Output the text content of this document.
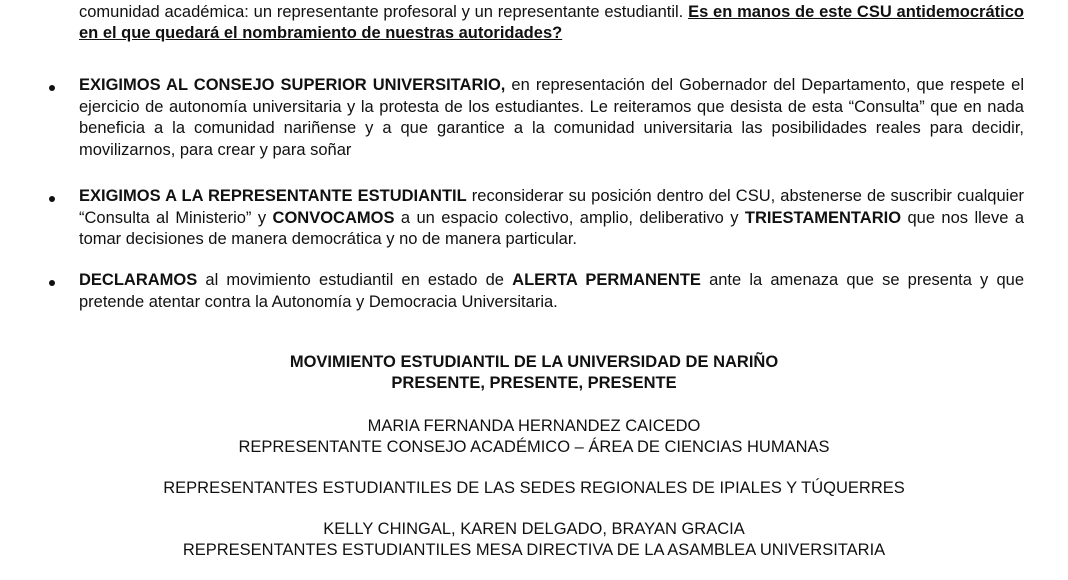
comunidad académica: un representante profesoral y un representante estudiantil. Es en manos de este CSU antidemocrático en el que quedará el nombramiento de nuestras autoridades?
EXIGIMOS AL CONSEJO SUPERIOR UNIVERSITARIO, en representación del Gobernador del Departamento, que respete el ejercicio de autonomía universitaria y la protesta de los estudiantes. Le reiteramos que desista de esta “Consulta” que en nada beneficia a la comunidad nariñense y a que garantice a la comunidad universitaria las posibilidades reales para decidir, movilizarnos, para crear y para soñar
EXIGIMOS A LA REPRESENTANTE ESTUDIANTIL reconsiderar su posición dentro del CSU, abstenerse de suscribir cualquier “Consulta al Ministerio” y CONVOCAMOS a un espacio colectivo, amplio, deliberativo y TRIESTAMENTARIO que nos lleve a tomar decisiones de manera democrática y no de manera particular.
DECLARAMOS al movimiento estudiantil en estado de ALERTA PERMANENTE ante la amenaza que se presenta y que pretende atentar contra la Autonomía y Democracia Universitaria.
MOVIMIENTO ESTUDIANTIL DE LA UNIVERSIDAD DE NARIÑO
PRESENTE, PRESENTE, PRESENTE
MARIA FERNANDA HERNANDEZ CAICEDO
REPRESENTANTE CONSEJO ACADÉMICO – ÁREA DE CIENCIAS HUMANAS
REPRESENTANTES ESTUDIANTILES DE LAS SEDES REGIONALES DE IPIALES Y TÚQUERRES
KELLY CHINGAL, KAREN DELGADO, BRAYAN GRACIA
REPRESENTANTES ESTUDIANTILES MESA DIRECTIVA DE LA ASAMBLEA UNIVERSITARIA
